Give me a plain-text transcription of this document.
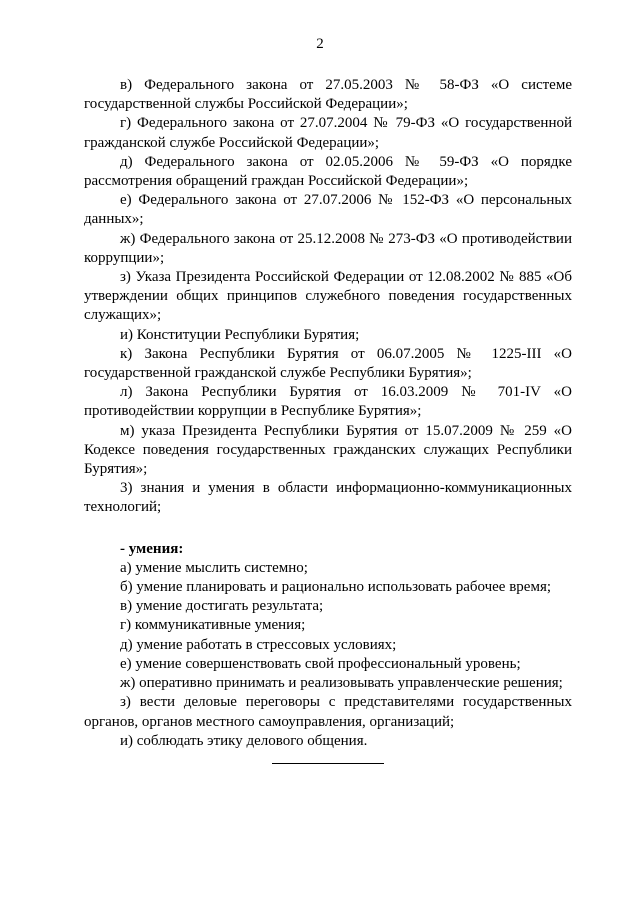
2

в) Федерального закона от 27.05.2003 № 58-ФЗ «О системе государственной службы Российской Федерации»;

г) Федерального закона от 27.07.2004 № 79-ФЗ «О государственной гражданской службе Российской Федерации»;

д) Федерального закона от 02.05.2006 № 59-ФЗ «О порядке рассмотрения обращений граждан Российской Федерации»;

е) Федерального закона от 27.07.2006 № 152-ФЗ «О персональных данных»;

ж) Федерального закона от 25.12.2008 № 273-ФЗ «О противодействии коррупции»;

з) Указа Президента Российской Федерации от 12.08.2002 № 885 «Об утверждении общих принципов служебного поведения государственных служащих»;

и) Конституции Республики Бурятия;

к) Закона Республики Бурятия от 06.07.2005 № 1225-III «О государственной гражданской службе Республики Бурятия»;

л) Закона Республики Бурятия от 16.03.2009 № 701-IV «О противодействии коррупции в Республике Бурятия»;

м) указа Президента Республики Бурятия от 15.07.2009 № 259 «О Кодексе поведения государственных гражданских служащих Республики Бурятия»;

3) знания и умения в области информационно-коммуникационных технологий;

- умения:

а) умение мыслить системно;

б) умение планировать и рационально использовать рабочее время;

в) умение достигать результата;

г) коммуникативные умения;

д) умение работать в стрессовых условиях;

е) умение совершенствовать свой профессиональный уровень;

ж) оперативно принимать и реализовывать управленческие решения;

з) вести деловые переговоры с представителями государственных органов, органов местного самоуправления, организаций;

и) соблюдать этику делового общения.
